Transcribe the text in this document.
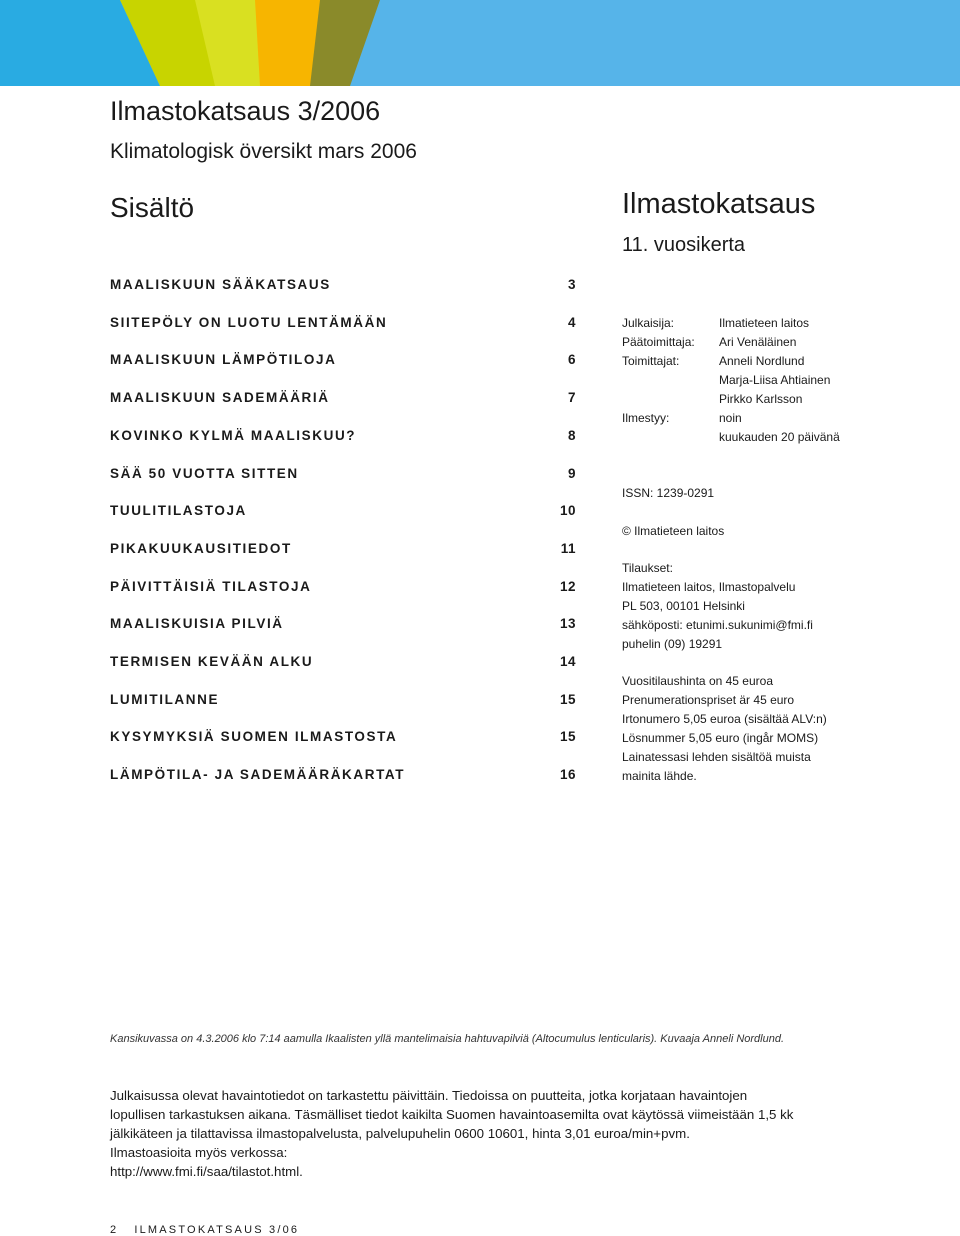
Ilmastokatsaus 3/2006
Klimatologisk översikt mars 2006
Sisältö
MAALISKUUN SÄÄKATSAUS	3
SIITEPÖLY ON LUOTU LENTÄMÄÄN	4
MAALISKUUN LÄMPÖTILOJA	6
MAALISKUUN SADEMÄÄRIÄ	7
KOVINKO KYLMÄ MAALISKUU?	8
SÄÄ 50 VUOTTA SITTEN	9
TUULITILASTOJA	10
PIKAKUUKAUSITIEDOT	11
PÄIVITTÄISIÄ TILASTOJA	12
MAALISKUISIA PILVIÄ	13
TERMISEN KEVÄÄN ALKU	14
LUMITILANNE	15
KYSYMYKSIÄ SUOMEN ILMASTOSTA	15
LÄMPÖTILA- JA SADEMÄÄRÄKARTAT	16
Ilmastokatsaus
11. vuosikerta
Julkaisija:	Ilmatieteen laitos
Päätoimittaja: Ari Venäläinen
Toimittajat:	Anneli Nordlund
Marja-Liisa Ahtiainen
Pirkko Karlsson
Ilmestyy:	noin
kuukauden 20 päivänä
ISSN: 1239-0291
© Ilmatieteen laitos
Tilaukset:
Ilmatieteen laitos, Ilmastopalvelu
PL 503, 00101 Helsinki
sähköposti: etunimi.sukunimi@fmi.fi
puhelin (09) 19291
Vuositilaushinta on 45 euroa
Prenumerationspriset är 45 euro
Irtonumero 5,05 euroa (sisältää ALV:n)
Lösnummer 5,05 euro (ingår MOMS)
Lainatessasi lehden sisältöä muista
mainita lähde.
Kansikuvassa on 4.3.2006 klo 7:14 aamulla Ikaalisten yllä mantelimaisia hahtuvapilviä (Altocumulus lenticularis). Kuvaaja Anneli Nordlund.
Julkaisussa olevat havaintotiedot on tarkastettu päivittäin. Tiedoissa on puutteita, jotka korjataan havaintojen
lopullisen tarkastuksen aikana. Täsmälliset tiedot kaikilta Suomen havaintoasemilta ovat käytössä viimeistään 1,5 kk
jälkikäteen ja tilattavissa ilmastopalvelusta, palvelupuhelin 0600 10601, hinta 3,01 euroa/min+pvm.
Ilmastoasioita myös verkossa:
http://www.fmi.fi/saa/tilastot.html.
2 ILMASTOKATSAUS 3/06
